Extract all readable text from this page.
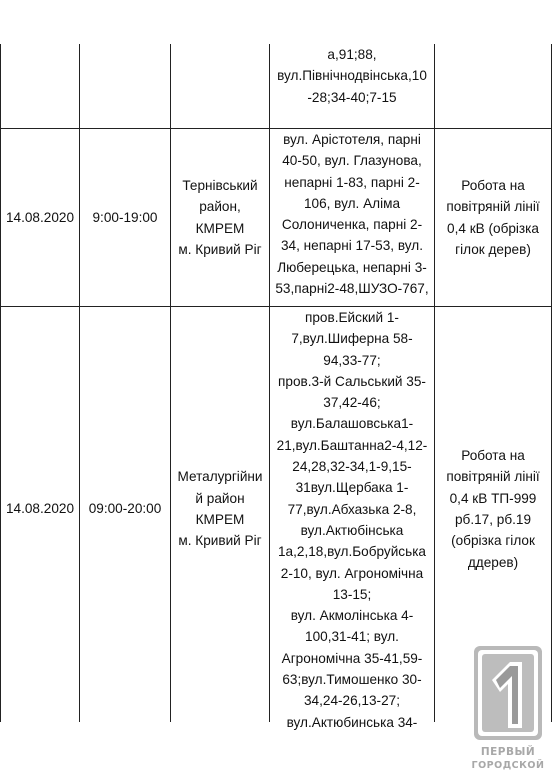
а,91;88,
вул.Північнодвінська,10
-28;34-40;7-15
14.08.2020 9:00-19:00
Тернівський
район,
КМРЕМ
м. Кривий Ріг
вул. Арістотеля, парні
40-50, вул. Глазунова,
непарні 1-83, парні 2-
106, вул. Аліма
Солониченка, парні 2-
34, непарні 17-53, вул.
Люберецька, непарні 3-
53,парні2-48,ШУЗО-767,
Робота на
повітряній лінії
0,4 кВ (обрізка
гілок дерев)
14.08.2020 09:00-20:00
Металургійни
й район
КМРЕМ
м. Кривий Ріг
пров.Ейский 1-
7,вул.Шиферна 58-
94,33-77;
пров.3-й Сальський 35-
37,42-46;
вул.Балашовська1-
21,вул.Баштанна2-4,12-
24,28,32-34,1-9,15-
31вул.Щербака 1-
77,вул.Абхазька 2-8,
вул.Актюбінська
1а,2,18,вул.Бобруйська
2-10, вул. Агрономічна
13-15;
вул. Акмолінська 4-
100,31-41; вул.
Агрономічна 35-41,59-
63;вул.Тимошенко 30-
34,24-26,13-27;
вул.Актюбинська 34-
Робота на
повітряній лінії
0,4 кВ ТП-999
рб.17, рб.19
(обрізка гілок
ддерев)
ПЕРВЫЙ
ГОРОДСКОЙ
